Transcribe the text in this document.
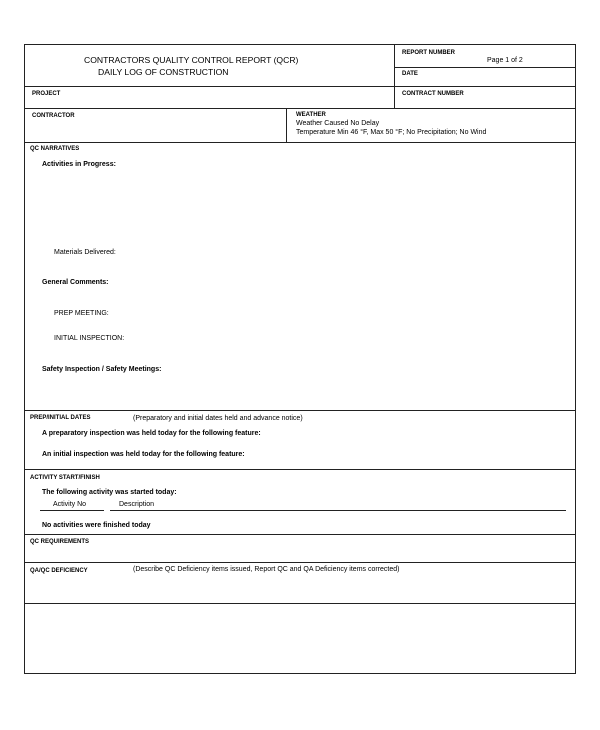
CONTRACTORS QUALITY CONTROL REPORT (QCR)
DAILY LOG OF CONSTRUCTION
REPORT NUMBER
Page 1 of 2
DATE
PROJECT	CONTRACT NUMBER
CONTRACTOR	WEATHER
Weather Caused No Delay
Temperature Min 46 °F, Max 50 °F; No Precipitation; No Wind
QC NARRATIVES
Activities in Progress:
Materials Delivered:
General Comments:
PREP MEETING:
INITIAL INSPECTION:
Safety Inspection / Safety Meetings:
PREP/INITIAL DATES	(Preparatory and initial dates held and advance notice)
A preparatory inspection was held today for the following feature:
An initial inspection was held today for the following feature:
ACTIVITY START/FINISH
The following activity was started today:
Activity No	Description
No activities were finished today
QC REQUIREMENTS
QA/QC DEFICIENCY	(Describe QC Deficiency items issued, Report QC and QA Deficiency items corrected)
